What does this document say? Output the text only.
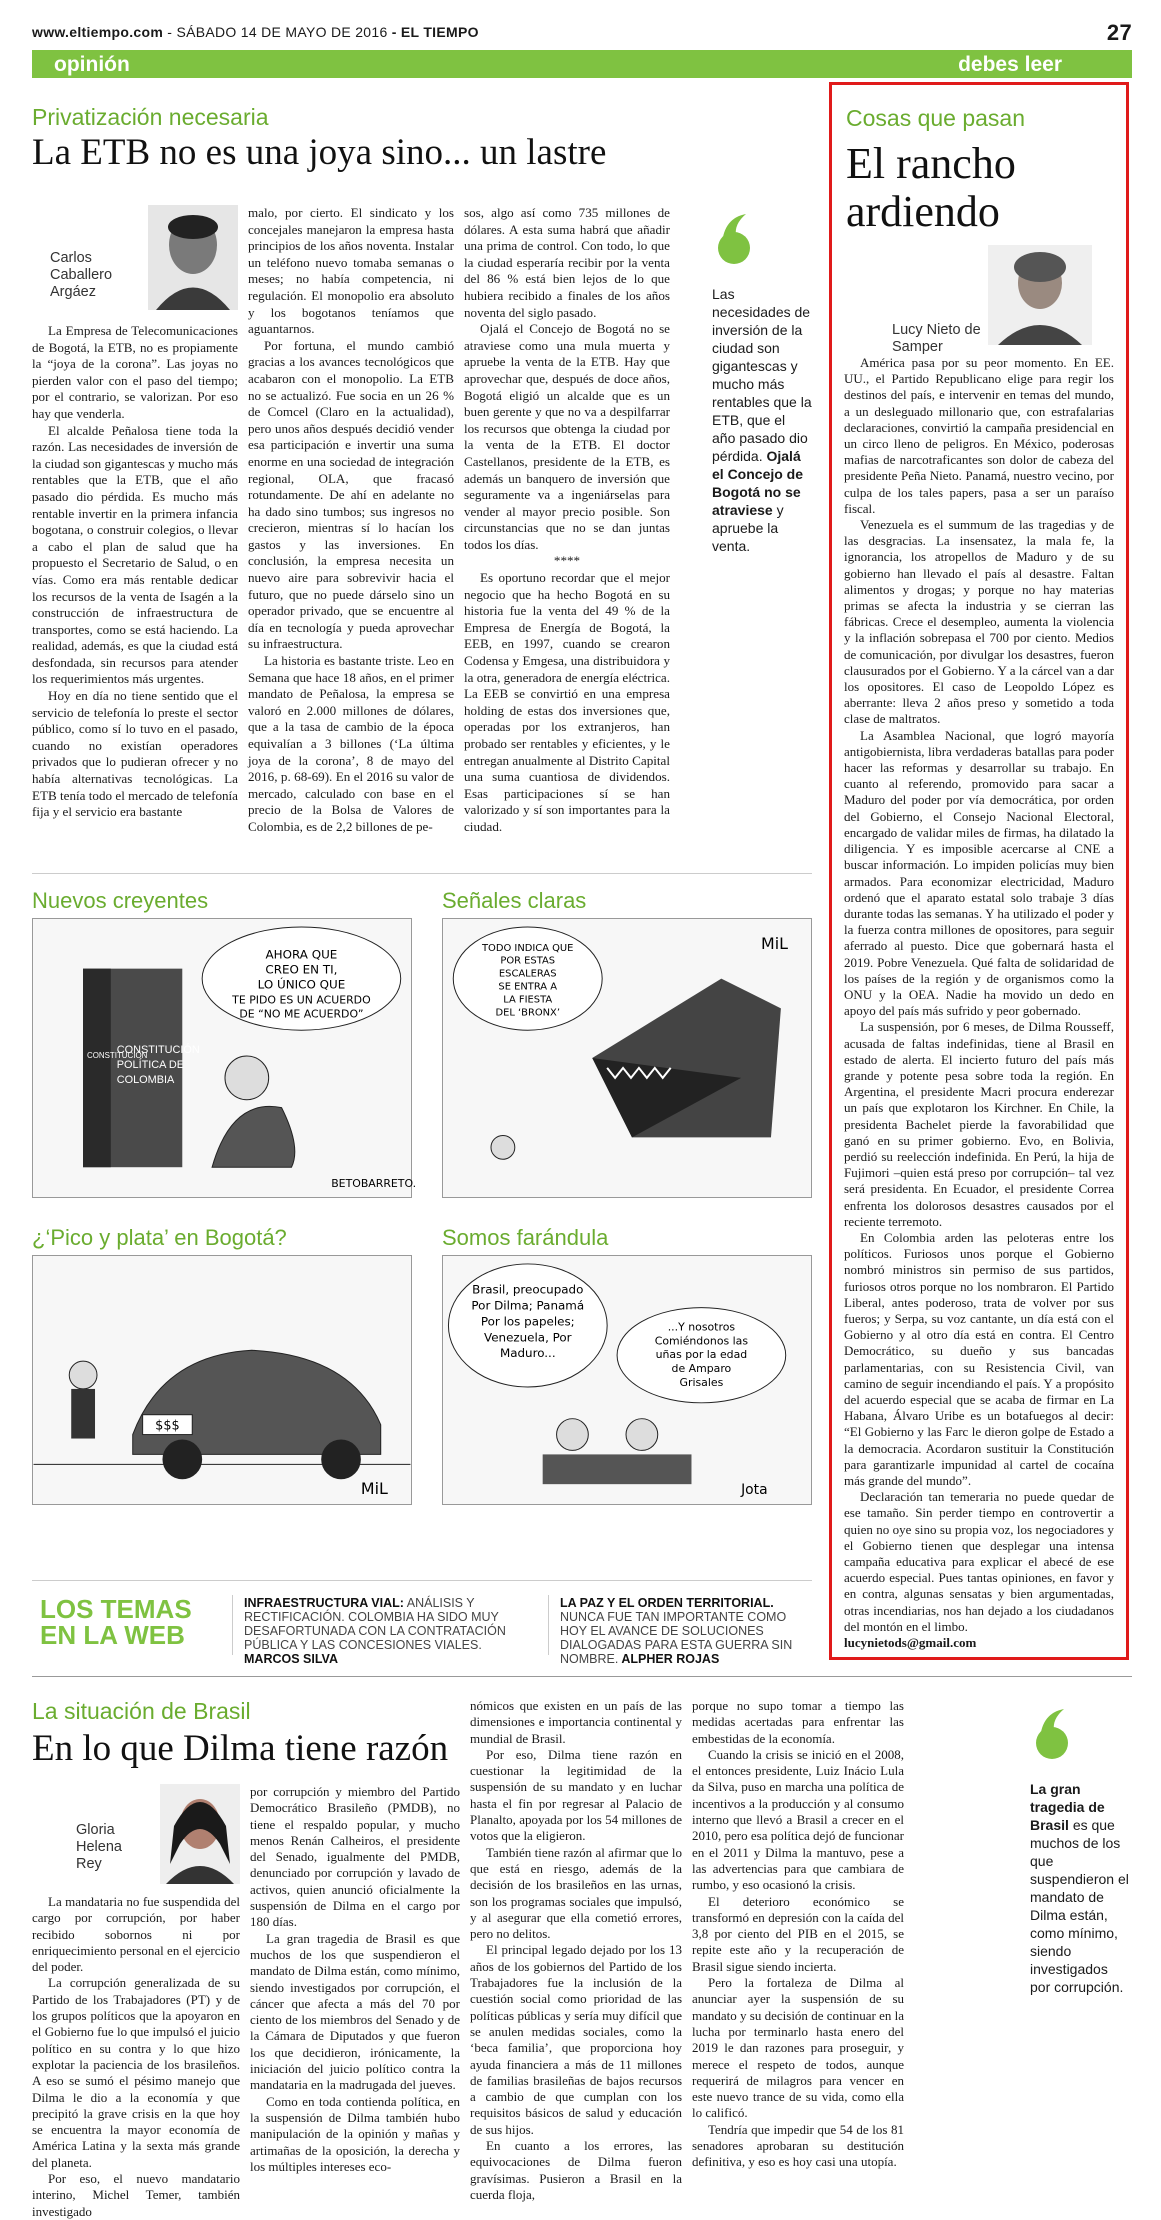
www.eltiempo.com - SÁBADO 14 DE MAYO DE 2016 - EL TIEMPO	27
opinión	debes leer
Privatización necesaria
La ETB no es una joya sino... un lastre
Carlos Caballero Argáez

La Empresa de Telecomunicaciones de Bogotá, la ETB, no es propiamente la “joya de la corona”. Las joyas no pierden valor con el paso del tiempo; por el contrario, se valorizan. Por eso hay que venderla.

El alcalde Peñalosa tiene toda la razón. Las necesidades de inversión de la ciudad son gigantescas y mucho más rentables que la ETB, que el año pasado dio pérdida. Es mucho más rentable invertir en la primera infancia bogotana, o construir colegios, o llevar a cabo el plan de salud que ha propuesto el Secretario de Salud, o en vías. Como era más rentable dedicar los recursos de la venta de Isagén a la construcción de infraestructura de transportes, como se está haciendo. La realidad, además, es que la ciudad está desfondada, sin recursos para atender los requerimientos más urgentes.

Hoy en día no tiene sentido que el servicio de telefonía lo preste el sector público, como sí lo tuvo en el pasado, cuando no existían operadores privados que lo pudieran ofrecer y no había alternativas tecnológicas. La ETB tenía todo el mercado de telefonía fija y el servicio era bastante

malo, por cierto. El sindicato y los concejales manejaron la empresa hasta principios de los años noventa. Instalar un teléfono nuevo tomaba semanas o meses; no había competencia, ni regulación. El monopolio era absoluto y los bogotanos teníamos que aguantarnos.

Por fortuna, el mundo cambió gracias a los avances tecnológicos que acabaron con el monopolio. La ETB no se actualizó. Fue socia en un 26 % de Comcel (Claro en la actualidad), pero unos años después decidió vender esa participación e invertir una suma enorme en una sociedad de integración regional, OLA, que fracasó rotundamente. De ahí en adelante no ha dado sino tumbos; sus ingresos no crecieron, mientras sí lo hacían los gastos y las inversiones. En conclusión, la empresa necesita un nuevo aire para sobrevivir hacia el futuro, que no puede dárselo sino un operador privado, que se encuentre al día en tecnología y pueda aprovechar su infraestructura.

La historia es bastante triste. Leo en Semana que hace 18 años, en el primer mandato de Peñalosa, la empresa se valoró en 2.000 millones de dólares, que a la tasa de cambio de la época equivalían a 3 billones (‘La última joya de la corona’, 8 de mayo del 2016, p. 68-69). En el 2016 su valor de mercado, calculado con base en el precio de la Bolsa de Valores de Colombia, es de 2,2 billones de pe-

sos, algo así como 735 millones de dólares. A esta suma habrá que añadir una prima de control. Con todo, lo que la ciudad esperaría recibir por la venta del 86 % está bien lejos de lo que hubiera recibido a finales de los años noventa del siglo pasado.

Ojalá el Concejo de Bogotá no se atraviese como una mula muerta y apruebe la venta de la ETB. Hay que aprovechar que, después de doce años, Bogotá eligió un alcalde que es un buen gerente y que no va a despilfarrar los recursos que obtenga la ciudad por la venta de la ETB. El doctor Castellanos, presidente de la ETB, es además un banquero de inversión que seguramente va a ingeniárselas para vender al mayor precio posible. Son circunstancias que no se dan juntas todos los días.

****

Es oportuno recordar que el mejor negocio que ha hecho Bogotá en su historia fue la venta del 49 % de la Empresa de Energía de Bogotá, la EEB, en 1997, cuando se crearon Codensa y Emgesa, una distribuidora y la otra, generadora de energía eléctrica. La EEB se convirtió en una empresa holding de estas dos inversiones que, operadas por los extranjeros, han probado ser rentables y eficientes, y le entregan anualmente al Distrito Capital una suma cuantiosa de dividendos. Esas participaciones sí se han valorizado y sí son importantes para la ciudad.

Las necesidades de inversión de la ciudad son gigantescas y mucho más rentables que la ETB, que el año pasado dio pérdida. Ojalá el Concejo de Bogotá no se atraviese y apruebe la venta.
Cosas que pasan
El rancho
ardiendo
Lucy Nieto de Samper

América pasa por su peor momento. En EE. UU., el Partido Republicano elige para regir los destinos del país, e intervenir en temas del mundo, a un desleguado millonario que, con estrafalarias declaraciones, convirtió la campaña presidencial en un circo lleno de peligros. En México, poderosas mafias de narcotraficantes son dolor de cabeza del presidente Peña Nieto. Panamá, nuestro vecino, por culpa de los tales papers, pasa a ser un paraíso fiscal.

Venezuela es el summum de las tragedias y de las desgracias. La insensatez, la mala fe, la ignorancia, los atropellos de Maduro y de su gobierno han llevado el país al desastre. Faltan alimentos y drogas; y porque no hay materias primas se afecta la industria y se cierran las fábricas. Crece el desempleo, aumenta la violencia y la inflación sobrepasa el 700 por ciento. Medios de comunicación, por divulgar los desastres, fueron clausurados por el Gobierno. Y a la cárcel van a dar los opositores. El caso de Leopoldo López es aberrante: lleva 2 años preso y sometido a toda clase de maltratos.

La Asamblea Nacional, que logró mayoría antigobiernista, libra verdaderas batallas para poder hacer las reformas y desarrollar su trabajo. En cuanto al referendo, promovido para sacar a Maduro del poder por vía democrática, por orden del Gobierno, el Consejo Nacional Electoral, encargado de validar miles de firmas, ha dilatado la diligencia. Y es imposible acercarse al CNE a buscar información. Lo impiden policías muy bien armados. Para economizar electricidad, Maduro ordenó que el aparato estatal solo trabaje 3 días durante todas las semanas. Y ha utilizado el poder y la fuerza contra millones de opositores, para seguir aferrado al puesto. Dice que gobernará hasta el 2019. Pobre Venezuela. Qué falta de solidaridad de los países de la región y de organismos como la ONU y la OEA. Nadie ha movido un dedo en apoyo del país más sufrido y peor gobernado.

La suspensión, por 6 meses, de Dilma Rousseff, acusada de faltas indefinidas, tiene al Brasil en estado de alerta. El incierto futuro del país más grande y potente pesa sobre toda la región. En Argentina, el presidente Macri procura enderezar un país que explotaron los Kirchner. En Chile, la presidenta Bachelet pierde la favorabilidad que ganó en su primer gobierno. Evo, en Bolivia, perdió su reelección indefinida. En Perú, la hija de Fujimori –quien está preso por corrupción– tal vez será presidenta. En Ecuador, el presidente Correa enfrenta los dolorosos desastres causados por el reciente terremoto.

En Colombia arden las peloteras entre los políticos. Furiosos unos porque el Gobierno nombró ministros sin permiso de sus partidos, furiosos otros porque no los nombraron. El Partido Liberal, antes poderoso, trata de volver por sus fueros; y Serpa, su voz cantante, un día está con el Gobierno y al otro día está en contra. El Centro Democrático, su dueño y sus bancadas parlamentarias, con su Resistencia Civil, van camino de seguir incendiando el país. Y a propósito del acuerdo especial que se acaba de firmar en La Habana, Álvaro Uribe es un botafuegos al decir: “El Gobierno y las Farc le dieron golpe de Estado a la democracia. Acordaron sustituir la Constitución para garantizarle impunidad al cartel de cocaína más grande del mundo”.

Declaración tan temeraria no puede quedar de ese tamaño. Sin perder tiempo en controvertir a quien no oye sino su propia voz, los negociadores y el Gobierno tienen que desplegar una intensa campaña educativa para explicar el abecé de ese acuerdo especial. Pues tantas opiniones, en favor y en contra, algunas sensatas y bien argumentadas, otras incendiarias, nos han dejado a los ciudadanos del montón en el limbo.

lucynietods@gmail.com

Nuevos creyentes
CONSTITUCIÓN
CONSTITUCIÓN
POLÍTICA DE
COLOMBIA
AHORA QUE
CREO EN TI,
LO ÚNICO QUE
TE PIDO ES UN ACUERDO
DE “NO ME ACUERDO”
BETOBARRETO.
Señales claras
TODO INDICA QUE
POR ESTAS
ESCALERAS
SE ENTRA A
LA FIESTA
DEL ‘BRONX’
MiL
¿‘Pico y plata’ en Bogotá?
$$$
MiL
Somos farándula
Brasil, preocupado
Por Dilma; Panamá
Por los papeles;
Venezuela, Por
Maduro...
...Y nosotros
Comiéndonos las
uñas por la edad
de Amparo
Grisales
Jota
LOS TEMAS
EN LA WEB
INFRAESTRUCTURA VIAL: ANÁLISIS Y RECTIFICACIÓN. COLOMBIA HA SIDO MUY DESAFORTUNADA CON LA CONTRATACIÓN PÚBLICA Y LAS CONCESIONES VIALES. MARCOS SILVA
LA PAZ Y EL ORDEN TERRITORIAL. NUNCA FUE TAN IMPORTANTE COMO HOY EL AVANCE DE SOLUCIONES DIALOGADAS PARA ESTA GUERRA SIN NOMBRE. ALPHER ROJAS
La situación de Brasil
En lo que Dilma tiene razón
Gloria Helena Rey

La mandataria no fue suspendida del cargo por corrupción, por haber recibido sobornos ni por enriquecimiento personal en el ejercicio del poder.

La corrupción generalizada de su Partido de los Trabajadores (PT) y de los grupos políticos que la apoyaron en el Gobierno fue lo que impulsó el juicio político en su contra y lo que hizo explotar la paciencia de los brasileños. A eso se sumó el pésimo manejo que Dilma le dio a la economía y que precipitó la grave crisis en la que hoy se encuentra la mayor economía de América Latina y la sexta más grande del planeta.

Por eso, el nuevo mandatario interino, Michel Temer, también investigado

por corrupción y miembro del Partido Democrático Brasileño (PMDB), no tiene el respaldo popular, y mucho menos Renán Calheiros, el presidente del Senado, igualmente del PMDB, denunciado por corrupción y lavado de activos, quien anunció oficialmente la suspensión de Dilma en el cargo por 180 días.

La gran tragedia de Brasil es que muchos de los que suspendieron el mandato de Dilma están, como mínimo, siendo investigados por corrupción, el cáncer que afecta a más del 70 por ciento de los miembros del Senado y de la Cámara de Diputados y que fueron los que decidieron, irónicamente, la iniciación del juicio político contra la mandataria en la madrugada del jueves.

Como en toda contienda política, en la suspensión de Dilma también hubo manipulación de la opinión y mañas y artimañas de la oposición, la derecha y los múltiples intereses eco-

nómicos que existen en un país de las dimensiones e importancia continental y mundial de Brasil.

Por eso, Dilma tiene razón en cuestionar la legitimidad de la suspensión de su mandato y en luchar hasta el fin por regresar al Palacio de Planalto, apoyada por los 54 millones de votos que la eligieron.

También tiene razón al afirmar que lo que está en riesgo, además de la decisión de los brasileños en las urnas, son los programas sociales que impulsó, y al asegurar que ella cometió errores, pero no delitos.

El principal legado dejado por los 13 años de los gobiernos del Partido de los Trabajadores fue la inclusión de la cuestión social como prioridad de las políticas públicas y sería muy difícil que se anulen medidas sociales, como la ‘beca familia’, que proporciona hoy ayuda financiera a más de 11 millones de familias brasileñas de bajos recursos a cambio de que cumplan con los requisitos básicos de salud y educación de sus hijos.

En cuanto a los errores, las equivocaciones de Dilma fueron gravísimas. Pusieron a Brasil en la cuerda floja,

porque no supo tomar a tiempo las medidas acertadas para enfrentar las embestidas de la economía.

Cuando la crisis se inició en el 2008, el entonces presidente, Luiz Inácio Lula da Silva, puso en marcha una política de incentivos a la producción y al consumo interno que llevó a Brasil a crecer en el 2010, pero esa política dejó de funcionar en el 2011 y Dilma la mantuvo, pese a las advertencias para que cambiara de rumbo, y eso ocasionó la crisis.

El deterioro económico se transformó en depresión con la caída del 3,8 por ciento del PIB en el 2015, se repite este año y la recuperación de Brasil sigue siendo incierta.

Pero la fortaleza de Dilma al anunciar ayer la suspensión de su mandato y su decisión de continuar en la lucha por terminarlo hasta enero del 2019 le dan razones para proseguir, y merece el respeto de todos, aunque requerirá de milagros para vencer en este nuevo trance de su vida, como ella lo calificó.

Tendría que impedir que 54 de los 81 senadores aprobaran su destitución definitiva, y eso es hoy casi una utopía.

La gran tragedia de Brasil es que muchos de los que suspendieron el mandato de Dilma están, como mínimo, siendo investigados por corrupción.
